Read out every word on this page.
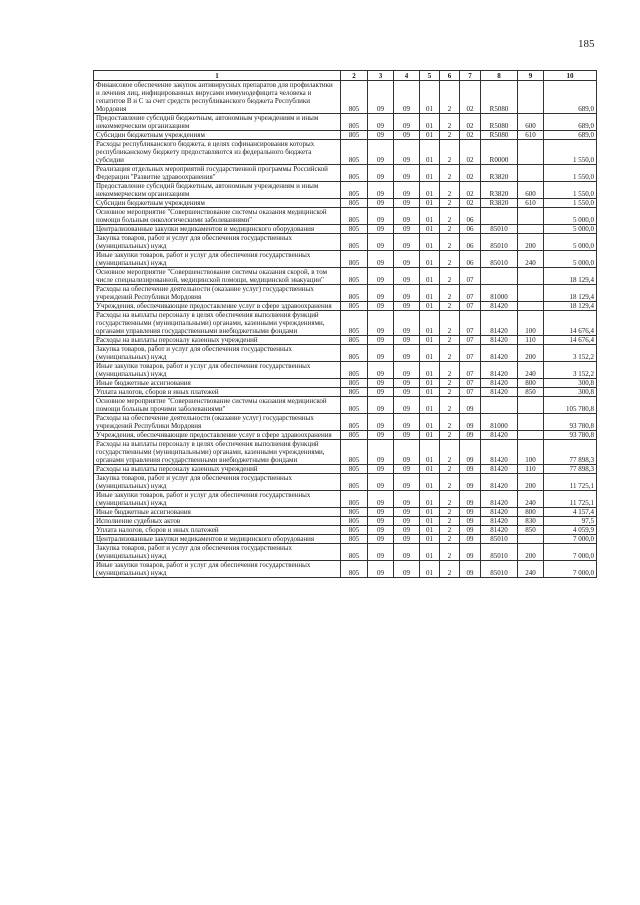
185
1	2	3	4	5	6	7	8	9	10
Финансовое обеспечение закупок антивирусных препаратов для профилактики и лечения лиц, инфицированных вирусами иммунодефицита человека и гепатитов В и С за счет средств республиканского бюджета Республики Мордовия	805	09	09	01	2	02	R5080		689,0
Предоставление субсидий бюджетным, автономным учреждениям и иным некоммерческим организациям	805	09	09	01	2	02	R5080	600	689,0
Субсидии бюджетным учреждениям	805	09	09	01	2	02	R5080	610	689,0
Расходы республиканского бюджета, в целях софинансирования которых республиканскому бюджету предоставляются из федерального бюджета субсидии	805	09	09	01	2	02	R0000		1 550,0
Реализация отдельных мероприятий государственной программы Российской Федерации "Развитие здравоохранения"	805	09	09	01	2	02	R3820		1 550,0
Предоставление субсидий бюджетным, автономным учреждениям и иным некоммерческим организациям	805	09	09	01	2	02	R3820	600	1 550,0
Субсидии бюджетным учреждениям	805	09	09	01	2	02	R3820	610	1 550,0
Основное мероприятие "Совершенствование системы оказания медицинской помощи больным онкологическими заболеваниями"	805	09	09	01	2	06			5 000,0
Централизованные закупки медикаментов и медицинского оборудования	805	09	09	01	2	06	85010		5 000,0
Закупка товаров, работ и услуг для обеспечения государственных (муниципальных) нужд	805	09	09	01	2	06	85010	200	5 000,0
Иные закупки товаров, работ и услуг для обеспечения государственных (муниципальных) нужд	805	09	09	01	2	06	85010	240	5 000,0
Основное мероприятие "Совершенствование системы оказания скорой, в том числе специализированной, медицинской помощи, медицинской эвакуации"	805	09	09	01	2	07			18 129,4
Расходы на обеспечение деятельности (оказание услуг) государственных учреждений Республики Мордовия	805	09	09	01	2	07	81000		18 129,4
Учреждения, обеспечивающие предоставление услуг в сфере здравоохранения	805	09	09	01	2	07	81420		18 129,4
Расходы на выплаты персоналу в целях обеспечения выполнения функций государственными (муниципальными) органами, казенными учреждениями, органами управления государственными внебюджетными фондами	805	09	09	01	2	07	81420	100	14 676,4
Расходы на выплаты персоналу казенных учреждений	805	09	09	01	2	07	81420	110	14 676,4
Закупка товаров, работ и услуг для обеспечения государственных (муниципальных) нужд	805	09	09	01	2	07	81420	200	3 152,2
Иные закупки товаров, работ и услуг для обеспечения государственных (муниципальных) нужд	805	09	09	01	2	07	81420	240	3 152,2
Иные бюджетные ассигнования	805	09	09	01	2	07	81420	800	300,8
Уплата налогов, сборов и иных платежей	805	09	09	01	2	07	81420	850	300,8
Основное мероприятие "Совершенствование системы оказания медицинской помощи больным прочими заболеваниями"	805	09	09	01	2	09			105 780,8
Расходы на обеспечение деятельности (оказание услуг) государственных учреждений Республики Мордовия	805	09	09	01	2	09	81000		93 780,8
Учреждения, обеспечивающие предоставление услуг в сфере здравоохранения	805	09	09	01	2	09	81420		93 780,8
Расходы на выплаты персоналу в целях обеспечения выполнения функций государственными (муниципальными) органами, казенными учреждениями, органами управления государственными внебюджетными фондами	805	09	09	01	2	09	81420	100	77 898,3
Расходы на выплаты персоналу казенных учреждений	805	09	09	01	2	09	81420	110	77 898,3
Закупка товаров, работ и услуг для обеспечения государственных (муниципальных) нужд	805	09	09	01	2	09	81420	200	11 725,1
Иные закупки товаров, работ и услуг для обеспечения государственных (муниципальных) нужд	805	09	09	01	2	09	81420	240	11 725,1
Иные бюджетные ассигнования	805	09	09	01	2	09	81420	800	4 157,4
Исполнение судебных актов	805	09	09	01	2	09	81420	830	97,5
Уплата налогов, сборов и иных платежей	805	09	09	01	2	09	81420	850	4 059,9
Централизованные закупки медикаментов и медицинского оборудования	805	09	09	01	2	09	85010		7 000,0
Закупка товаров, работ и услуг для обеспечения государственных (муниципальных) нужд	805	09	09	01	2	09	85010	200	7 000,0
Иные закупки товаров, работ и услуг для обеспечения государственных (муниципальных) нужд	805	09	09	01	2	09	85010	240	7 000,0
